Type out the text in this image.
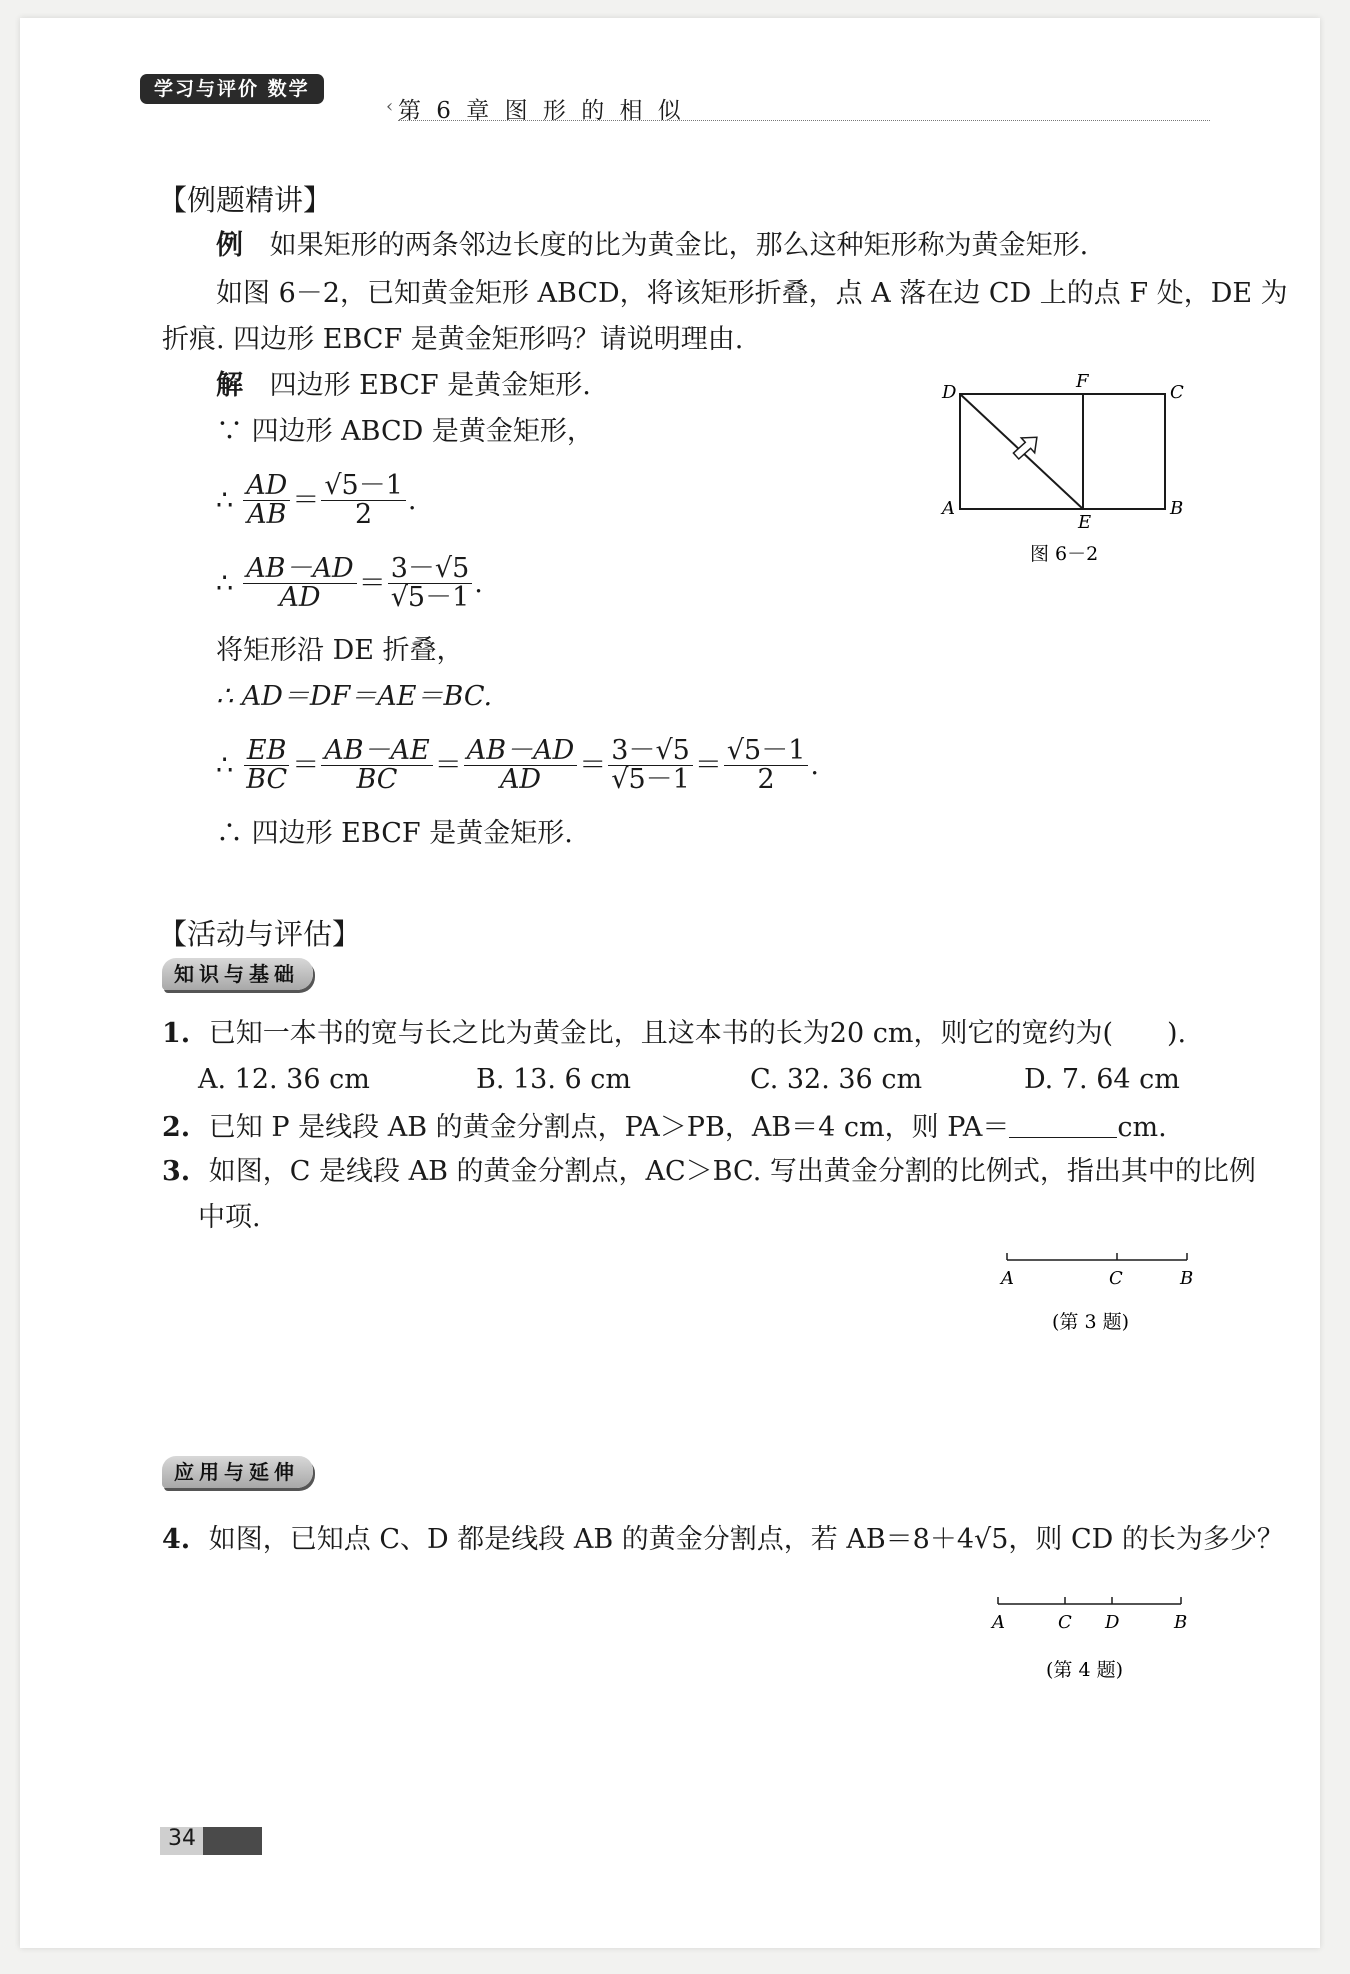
学习与评价 数学
‹ 第 6 章 图 形 的 相 似
【例题精讲】
例 如果矩形的两条邻边长度的比为黄金比，那么这种矩形称为黄金矩形.
如图 6－2，已知黄金矩形 ABCD，将该矩形折叠，点 A 落在边 CD 上的点 F 处，DE 为
折痕. 四边形 EBCF 是黄金矩形吗？请说明理由.
解 四边形 EBCF 是黄金矩形.
∵ 四边形 ABCD 是黄金矩形，
∴ $\frac{AD}{AB} = \frac{√5-1}{2}$ .
∴ $\frac{AB-AD}{AD} = \frac{3-√5}{√5-1}$ .
将矩形沿 DE 折叠，
∴ AD＝DF＝AE＝BC.
∴ $\frac{EB}{BC} = \frac{AB-AE}{BC} = \frac{AB-AD}{AD} = \frac{3-√5}{√5-1} = \frac{√5-1}{2}$ .
∴ 四边形 EBCF 是黄金矩形.
D
F
C
A
E
B
图 6－2
【活动与评估】
知识与基础
1. 已知一本书的宽与长之比为黄金比，且这本书的长为20 cm，则它的宽约为(　　).
A. 12. 36 cm	B. 13. 6 cm	C. 32. 36 cm	D. 7. 64 cm
2. 已知 P 是线段 AB 的黄金分割点，PA＞PB，AB＝4 cm，则 PA＝	cm.
3. 如图，C 是线段 AB 的黄金分割点，AC＞BC. 写出黄金分割的比例式，指出其中的比例
中项.
A	C	B
(第 3 题)
应用与延伸
4. 如图，已知点 C、D 都是线段 AB 的黄金分割点，若 AB＝8＋4√5，则 CD 的长为多少？
A	C D	B
(第 4 题)
34
